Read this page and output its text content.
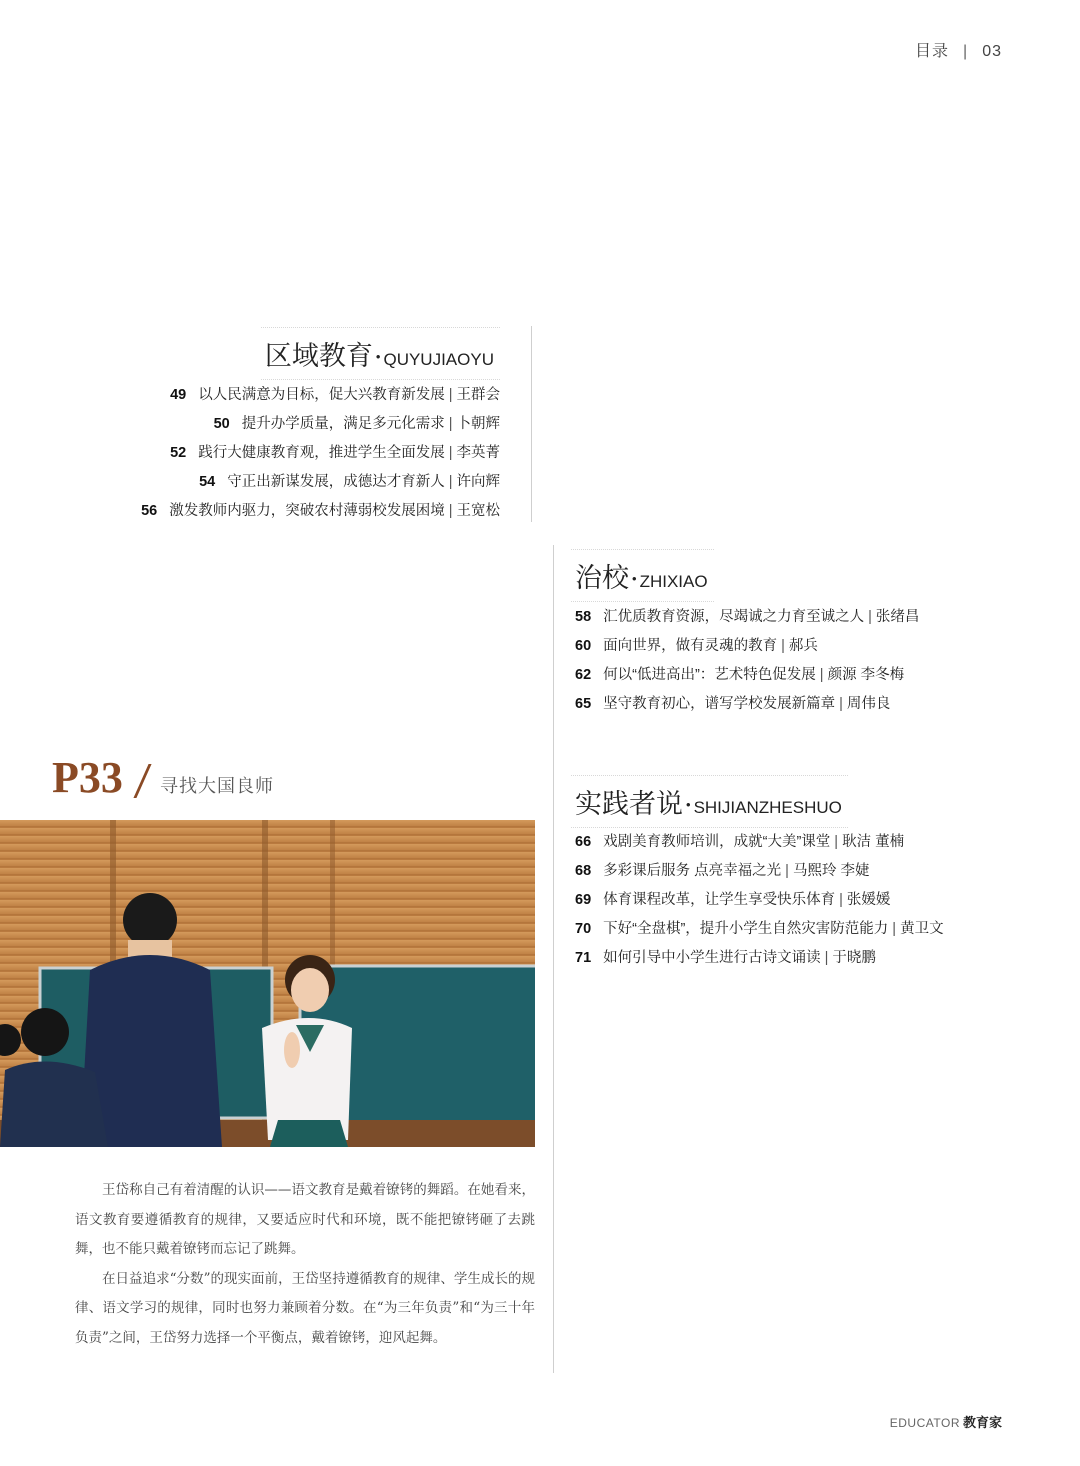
目录 | 03
区域教育 • QUYUJIAOYU
49 以人民满意为目标，促大兴教育新发展 | 王群会
50 提升办学质量，满足多元化需求 | 卜朝辉
52 践行大健康教育观，推进学生全面发展 | 李英菁
54 守正出新谋发展，成德达才育新人 | 许向辉
56 激发教师内驱力，突破农村薄弱校发展困境 | 王宽松
治校 • ZHIXIAO
58 汇优质教育资源，尽竭诚之力育至诚之人 | 张绪昌
60 面向世界，做有灵魂的教育 | 郝兵
62 何以“低进高出”：艺术特色促发展 | 颜源 李冬梅
65 坚守教育初心，谱写学校发展新篇章 | 周伟良
实践者说 • SHIJIANZHESHUO
66 戏剧美育教师培训，成就“大美”课堂 | 耿洁 董楠
68 多彩课后服务 点亮幸福之光 | 马熙玲 李婕
69 体育课程改革，让学生享受快乐体育 | 张媛媛
70 下好“全盘棋”，提升小学生自然灾害防范能力 | 黄卫文
71 如何引导中小学生进行古诗文诵读 | 于晓鹏
P33 寻找大国良师

王岱称自己有着清醒的认识——语文教育是戴着镣铐的舞蹈。在她看来，语文教育要遵循教育的规律，又要适应时代和环境，既不能把镣铐砸了去跳舞，也不能只戴着镣铐而忘记了跳舞。

在日益追求“分数”的现实面前，王岱坚持遵循教育的规律、学生成长的规律、语文学习的规律，同时也努力兼顾着分数。在“为三年负责”和“为三十年负责”之间，王岱努力选择一个平衡点，戴着镣铐，迎风起舞。

EDUCATOR 教育家
